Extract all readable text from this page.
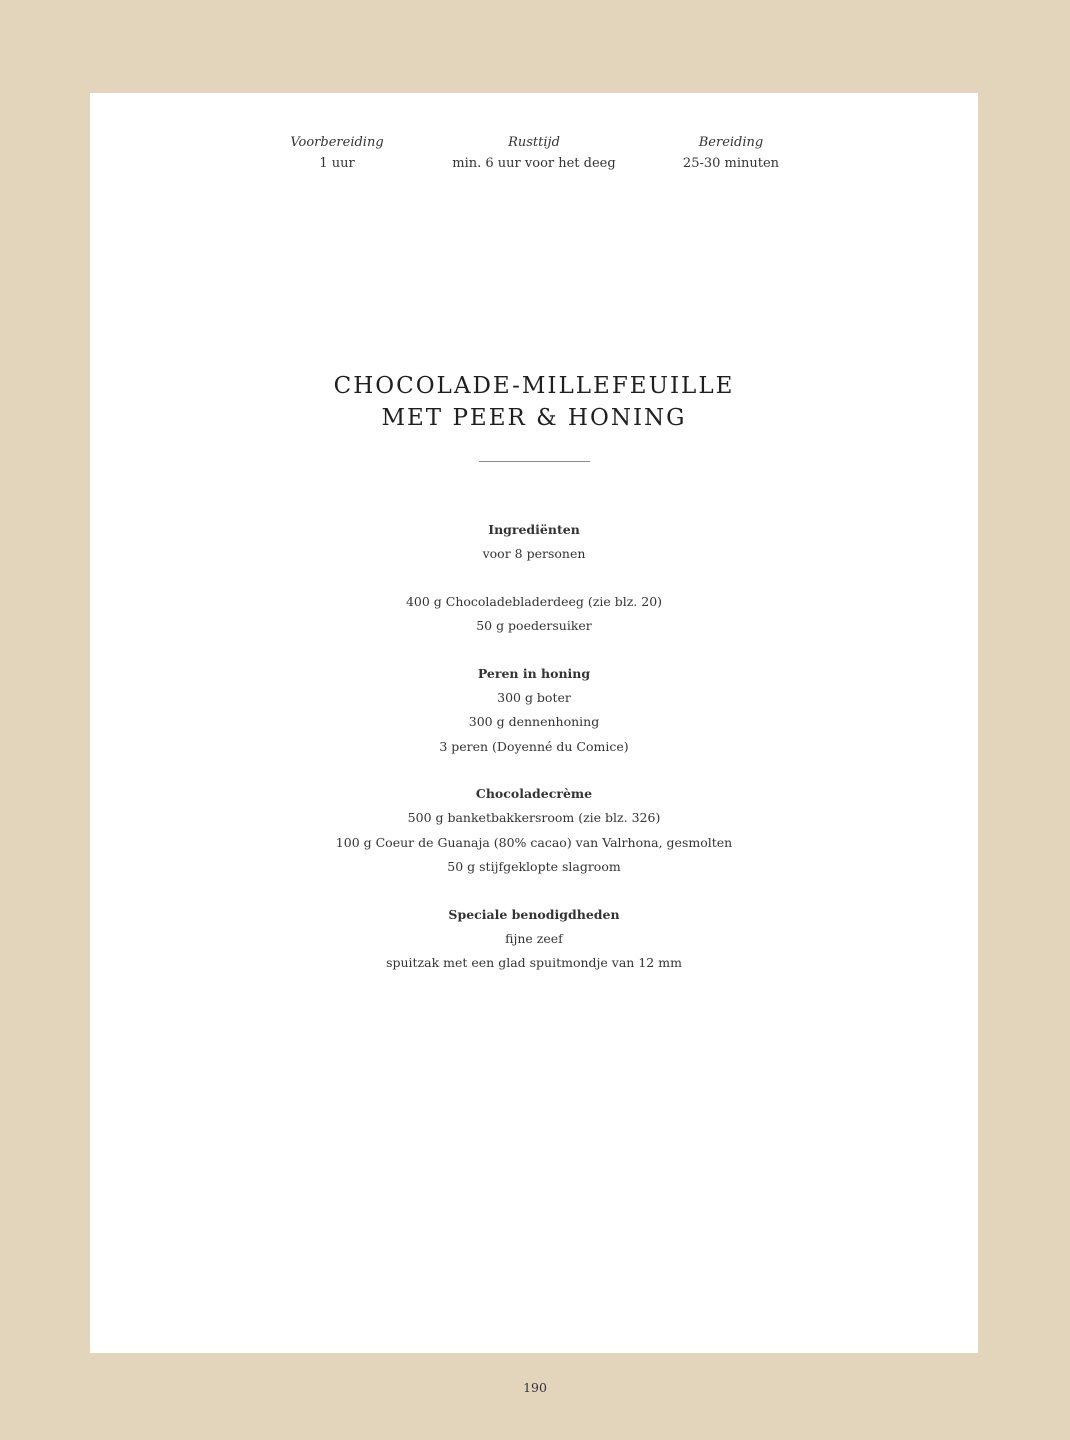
Voorbereiding
1 uur
Rusttijd
min. 6 uur voor het deeg
Bereiding
25-30 minuten
CHOCOLADE-MILLEFEUILLE
MET PEER & HONING
Ingrediënten
voor 8 personen
400 g Chocoladebladerdeeg (zie blz. 20)
50 g poedersuiker
Peren in honing
300 g boter
300 g dennenhoning
3 peren (Doyenné du Comice)
Chocoladecrème
500 g banketbakkersroom (zie blz. 326)
100 g Coeur de Guanaja (80% cacao) van Valrhona, gesmolten
50 g stijfgeklopte slagroom
Speciale benodigdheden
fijne zeef
spuitzak met een glad spuitmondje van 12 mm
190
